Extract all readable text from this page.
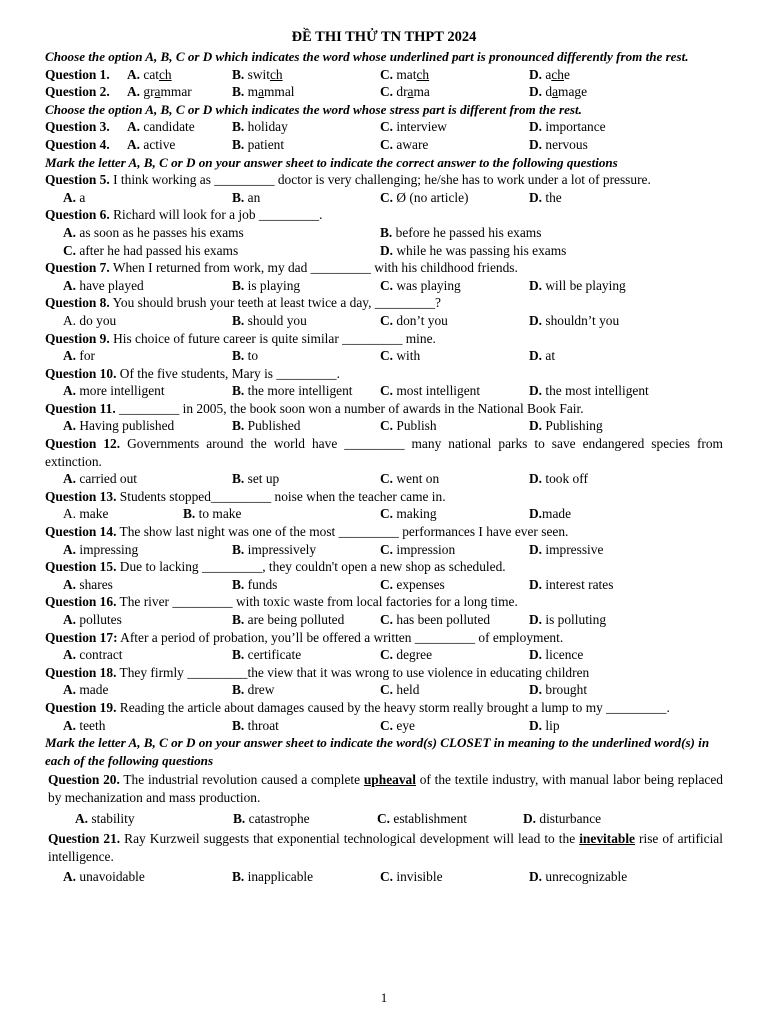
ĐỀ THI THỬ TN THPT 2024
Choose the option A, B, C or D which indicates the word whose underlined part is pronounced differently from the rest.
Question 1. A. catch	B. switch	C. match	D. ache
Question 2. A. grammar	B. mammal	C. drama	D. damage
Choose the option A, B, C or D which indicates the word whose stress part is different from the rest.
Question 3. A. candidate	B. holiday	C. interview	D. importance
Question 4. A. active	B. patient	C. aware	D. nervous
Mark the letter A, B, C or D on your answer sheet to indicate the correct answer to the following questions
Question 5. I think working as _________ doctor is very challenging; he/she has to work under a lot of pressure.
A. a	B. an	C. Ø (no article)	D. the
Question 6. Richard will look for a job _________.
A. as soon as he passes his exams	B. before he passed his exams
C. after he had passed his exams	D. while he was passing his exams
Question 7. When I returned from work, my dad _________ with his childhood friends.
A. have played	B. is playing	C. was playing	D. will be playing
Question 8. You should brush your teeth at least twice a day, _________?
A. do you	B. should you	C. don’t you	D. shouldn’t you
Question 9. His choice of future career is quite similar _________ mine.
A. for	B. to	C. with	D. at
Question 10. Of the five students, Mary is _________.
A. more intelligent	B. the more intelligent C. most intelligent	D. the most intelligent
Question 11. _________ in 2005, the book soon won a number of awards in the National Book Fair.
A. Having published	B. Published	C. Publish	D. Publishing
Question 12. Governments around the world have _________ many national parks to save endangered species from extinction.
A. carried out	B. set up	C. went on	D. took off
Question 13. Students stopped_________ noise when the teacher came in.
A. make	B. to make	C. making	D.made
Question 14. The show last night was one of the most _________ performances I have ever seen.
A. impressing	B. impressively	C. impression	D. impressive
Question 15. Due to lacking _________, they couldn't open a new shop as scheduled.
A. shares	B. funds	C. expenses	D. interest rates
Question 16. The river _________ with toxic waste from local factories for a long time.
A. pollutes	B. are being polluted	C. has been polluted	D. is polluting
Question 17: After a period of probation, you’ll be offered a written _________ of employment.
A. contract	B. certificate	C. degree	D. licence
Question 18. They firmly _________the view that it was wrong to use violence in educating children
A. made	B. drew	C. held	D. brought
Question 19. Reading the article about damages caused by the heavy storm really brought a lump to my _________.
A. teeth	B. throat	C. eye	D. lip
Mark the letter A, B, C or D on your answer sheet to indicate the word(s) CLOSET in meaning to the underlined word(s) in each of the following questions
Question 20. The industrial revolution caused a complete upheaval of the textile industry, with manual labor being replaced by mechanization and mass production.
A. stability	B. catastrophe	C. establishment	D. disturbance
Question 21. Ray Kurzweil suggests that exponential technological development will lead to the inevitable rise of artificial intelligence.
A. unavoidable	B. inapplicable	C. invisible	D. unrecognizable
1
